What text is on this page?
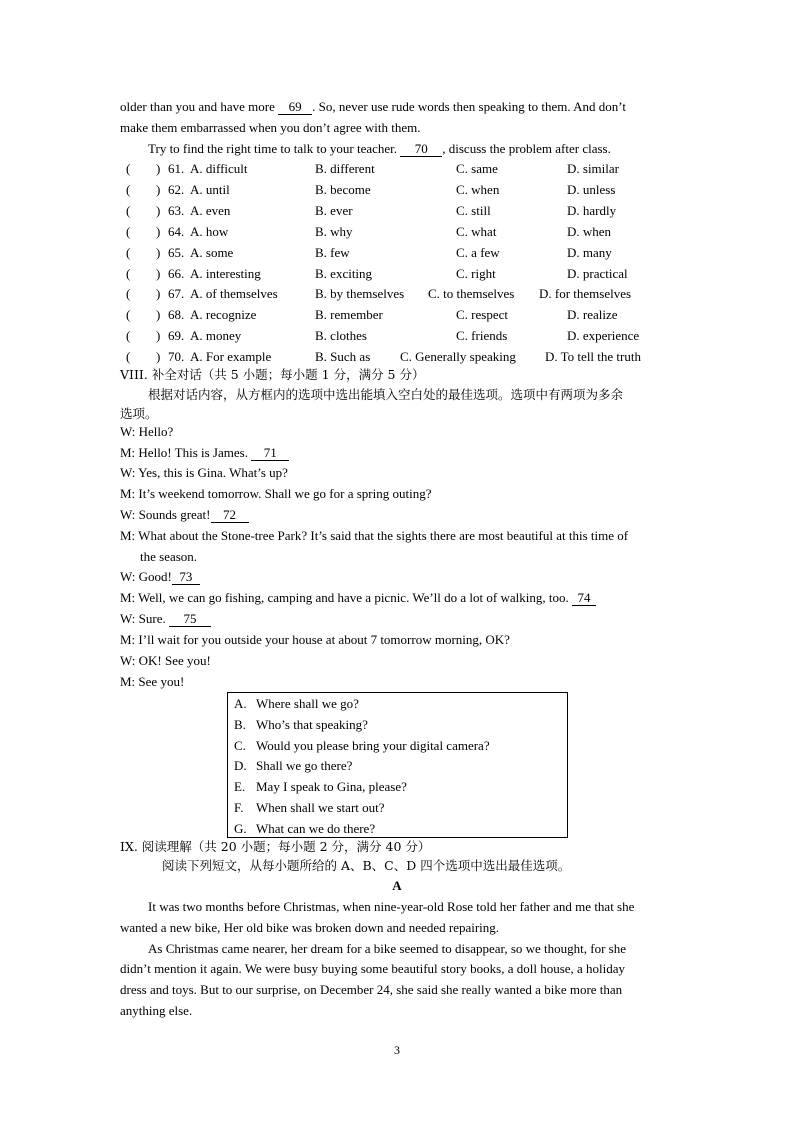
older than you and have more 69 . So, never use rude words then speaking to them. And don’t
make them embarrassed when you don’t agree with them.
Try to find the right time to talk to your teacher. 70 , discuss the problem after class.
( ) 61. A. difficult	B. different	C. same	D. similar
( ) 62. A. until	B. become	C. when	D. unless
( ) 63. A. even	B. ever	C. still	D. hardly
( ) 64. A. how	B. why	C. what	D. when
( ) 65. A. some	B. few	C. a few	D. many
( ) 66. A. interesting	B. exciting	C. right	D. practical
( ) 67. A. of themselves	B. by themselves C. to themselves D. for themselves
( ) 68. A. recognize	B. remember	C. respect	D. realize
( ) 69. A. money	B. clothes	C. friends	D. experience
( ) 70. A. For example	B. Such as C. Generally speaking D. To tell the truth
VIII. 补全对话（共 5 小题；每小题 1 分，满分 5 分）
根据对话内容，从方框内的选项中选出能填入空白处的最佳选项。选项中有两项为多余
选项。
W: Hello?
M: Hello! This is James. 71
W: Yes, this is Gina. What’s up?
M: It’s weekend tomorrow. Shall we go for a spring outing?
W: Sounds great! 72
M: What about the Stone-tree Park? It’s said that the sights there are most beautiful at this time of
the season.
W: Good! 73
M: Well, we can go fishing, camping and have a picnic. We’ll do a lot of walking, too. 74
W: Sure. 75
M: I’ll wait for you outside your house at about 7 tomorrow morning, OK?
W: OK! See you!
M: See you!
A. Where shall we go?
B. Who’s that speaking?
C. Would you please bring your digital camera?
D. Shall we go there?
E. May I speak to Gina, please?
F. When shall we start out?
G. What can we do there?
IX. 阅读理解（共 20 小题；每小题 2 分，满分 40 分）
阅读下列短文，从每小题所给的 A、B、C、D 四个选项中选出最佳选项。
A
It was two months before Christmas, when nine-year-old Rose told her father and me that she
wanted a new bike, Her old bike was broken down and needed repairing.
As Christmas came nearer, her dream for a bike seemed to disappear, so we thought, for she
didn’t mention it again. We were busy buying some beautiful story books, a doll house, a holiday
dress and toys. But to our surprise, on December 24, she said she really wanted a bike more than
anything else.
3
